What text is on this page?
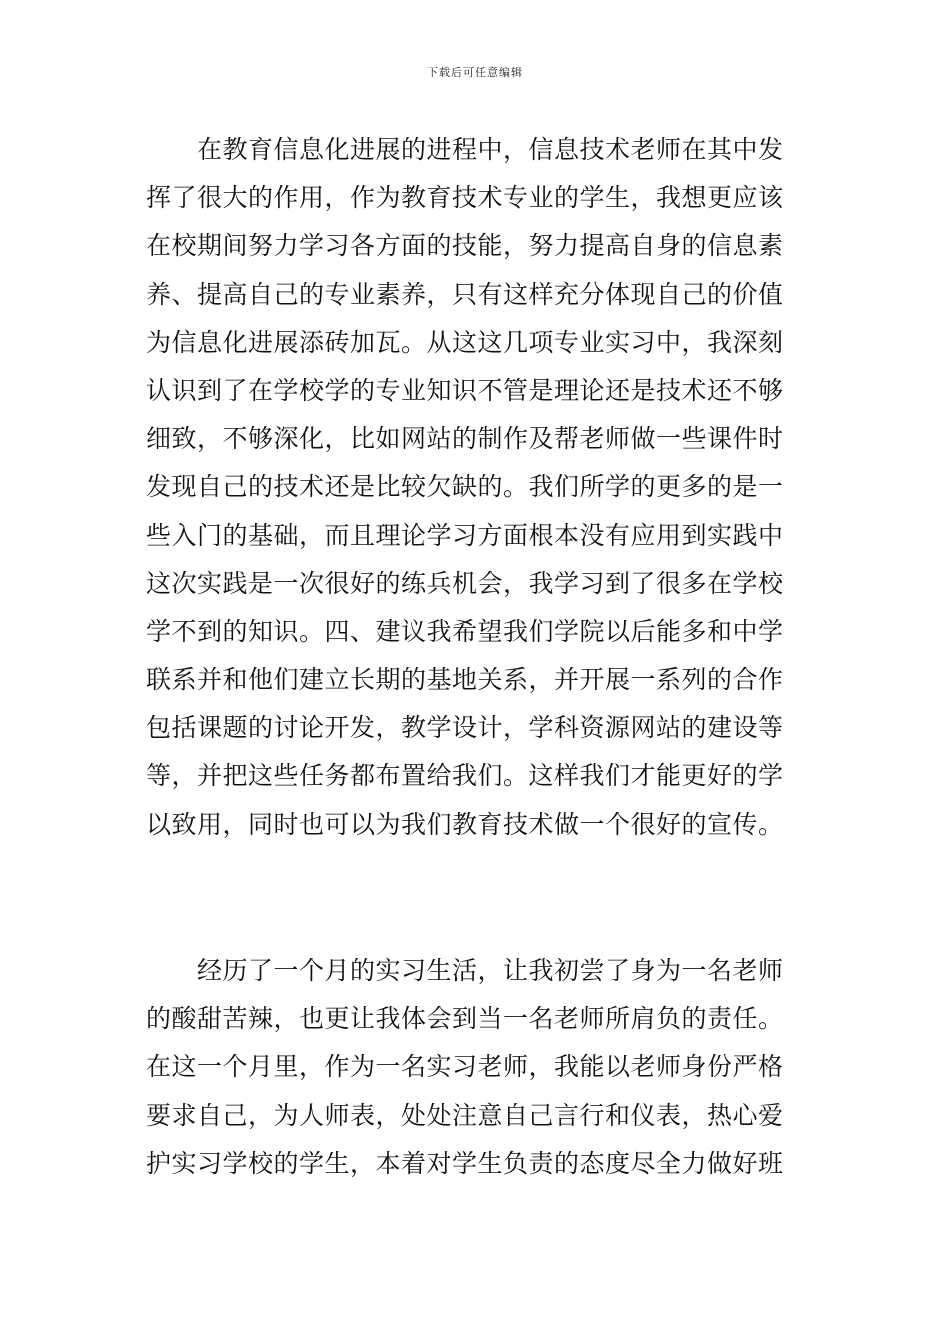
下载后可任意编辑
　　在教育信息化进展的进程中，信息技术老师在其中发
挥了很大的作用，作为教育技术专业的学生，我想更应该
在校期间努力学习各方面的技能，努力提高自身的信息素
养、提高自己的专业素养，只有这样充分体现自己的价值
为信息化进展添砖加瓦。从这这几项专业实习中，我深刻
认识到了在学校学的专业知识不管是理论还是技术还不够
细致，不够深化，比如网站的制作及帮老师做一些课件时
发现自己的技术还是比较欠缺的。我们所学的更多的是一
些入门的基础，而且理论学习方面根本没有应用到实践中
这次实践是一次很好的练兵机会，我学习到了很多在学校
学不到的知识。四、建议我希望我们学院以后能多和中学
联系并和他们建立长期的基地关系，并开展一系列的合作
包括课题的讨论开发，教学设计，学科资源网站的建设等
等，并把这些任务都布置给我们。这样我们才能更好的学
以致用，同时也可以为我们教育技术做一个很好的宣传。
　　经历了一个月的实习生活，让我初尝了身为一名老师
的酸甜苦辣，也更让我体会到当一名老师所肩负的责任。
在这一个月里，作为一名实习老师，我能以老师身份严格
要求自己，为人师表，处处注意自己言行和仪表，热心爱
护实习学校的学生，本着对学生负责的态度尽全力做好班
